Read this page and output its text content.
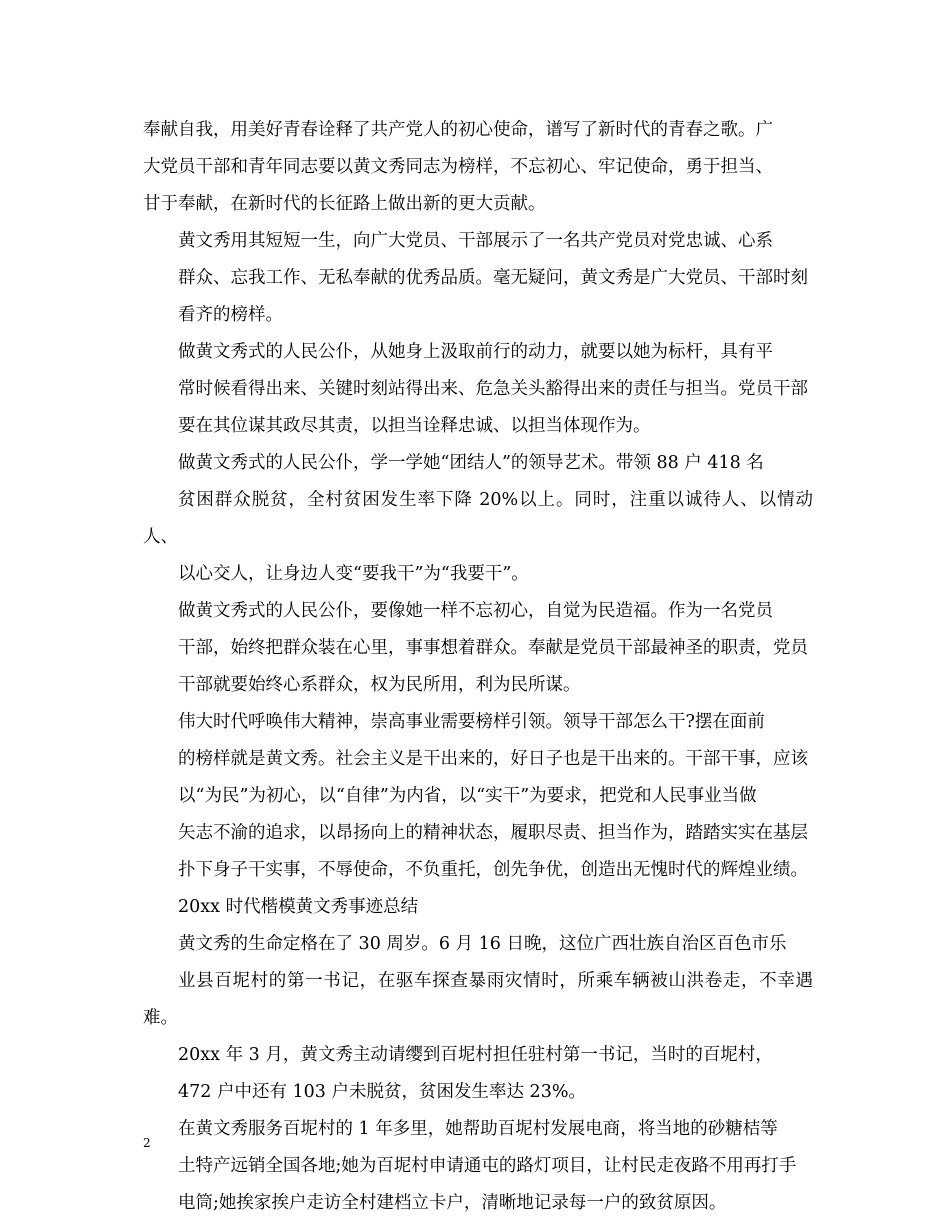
奉献自我，用美好青春诠释了共产党人的初心使命，谱写了新时代的青春之歌。广
大党员干部和青年同志要以黄文秀同志为榜样，不忘初心、牢记使命，勇于担当、
甘于奉献，在新时代的长征路上做出新的更大贡献。

黄文秀用其短短一生，向广大党员、干部展示了一名共产党员对党忠诚、心系
群众、忘我工作、无私奉献的优秀品质。毫无疑问，黄文秀是广大党员、干部时刻
看齐的榜样。

做黄文秀式的人民公仆，从她身上汲取前行的动力，就要以她为标杆，具有平
常时候看得出来、关键时刻站得出来、危急关头豁得出来的责任与担当。党员干部
要在其位谋其政尽其责，以担当诠释忠诚、以担当体现作为。

做黄文秀式的人民公仆，学一学她“团结人”的领导艺术。带领 88 户 418 名
贫困群众脱贫，全村贫困发生率下降 20%以上。同时，注重以诚待人、以情动人、
以心交人，让身边人变“要我干”为“我要干”。

做黄文秀式的人民公仆，要像她一样不忘初心，自觉为民造福。作为一名党员
干部，始终把群众装在心里，事事想着群众。奉献是党员干部最神圣的职责，党员
干部就要始终心系群众，权为民所用，利为民所谋。

伟大时代呼唤伟大精神，崇高事业需要榜样引领。领导干部怎么干?摆在面前
的榜样就是黄文秀。社会主义是干出来的，好日子也是干出来的。干部干事，应该
以“为民”为初心，以“自律”为内省，以“实干”为要求，把党和人民事业当做
矢志不渝的追求，以昂扬向上的精神状态，履职尽责、担当作为，踏踏实实在基层
扑下身子干实事，不辱使命，不负重托，创先争优，创造出无愧时代的辉煌业绩。

20xx 时代楷模黄文秀事迹总结

黄文秀的生命定格在了 30 周岁。6 月 16 日晚，这位广西壮族自治区百色市乐
业县百坭村的第一书记，在驱车探查暴雨灾情时，所乘车辆被山洪卷走，不幸遇难。

20xx 年 3 月，黄文秀主动请缨到百坭村担任驻村第一书记，当时的百坭村，
472 户中还有 103 户未脱贫，贫困发生率达 23%。

在黄文秀服务百坭村的 1 年多里，她帮助百坭村发展电商，将当地的砂糖桔等
土特产远销全国各地;她为百坭村申请通屯的路灯项目，让村民走夜路不用再打手
电筒;她挨家挨户走访全村建档立卡户，清晰地记录每一户的致贫原因。

2
